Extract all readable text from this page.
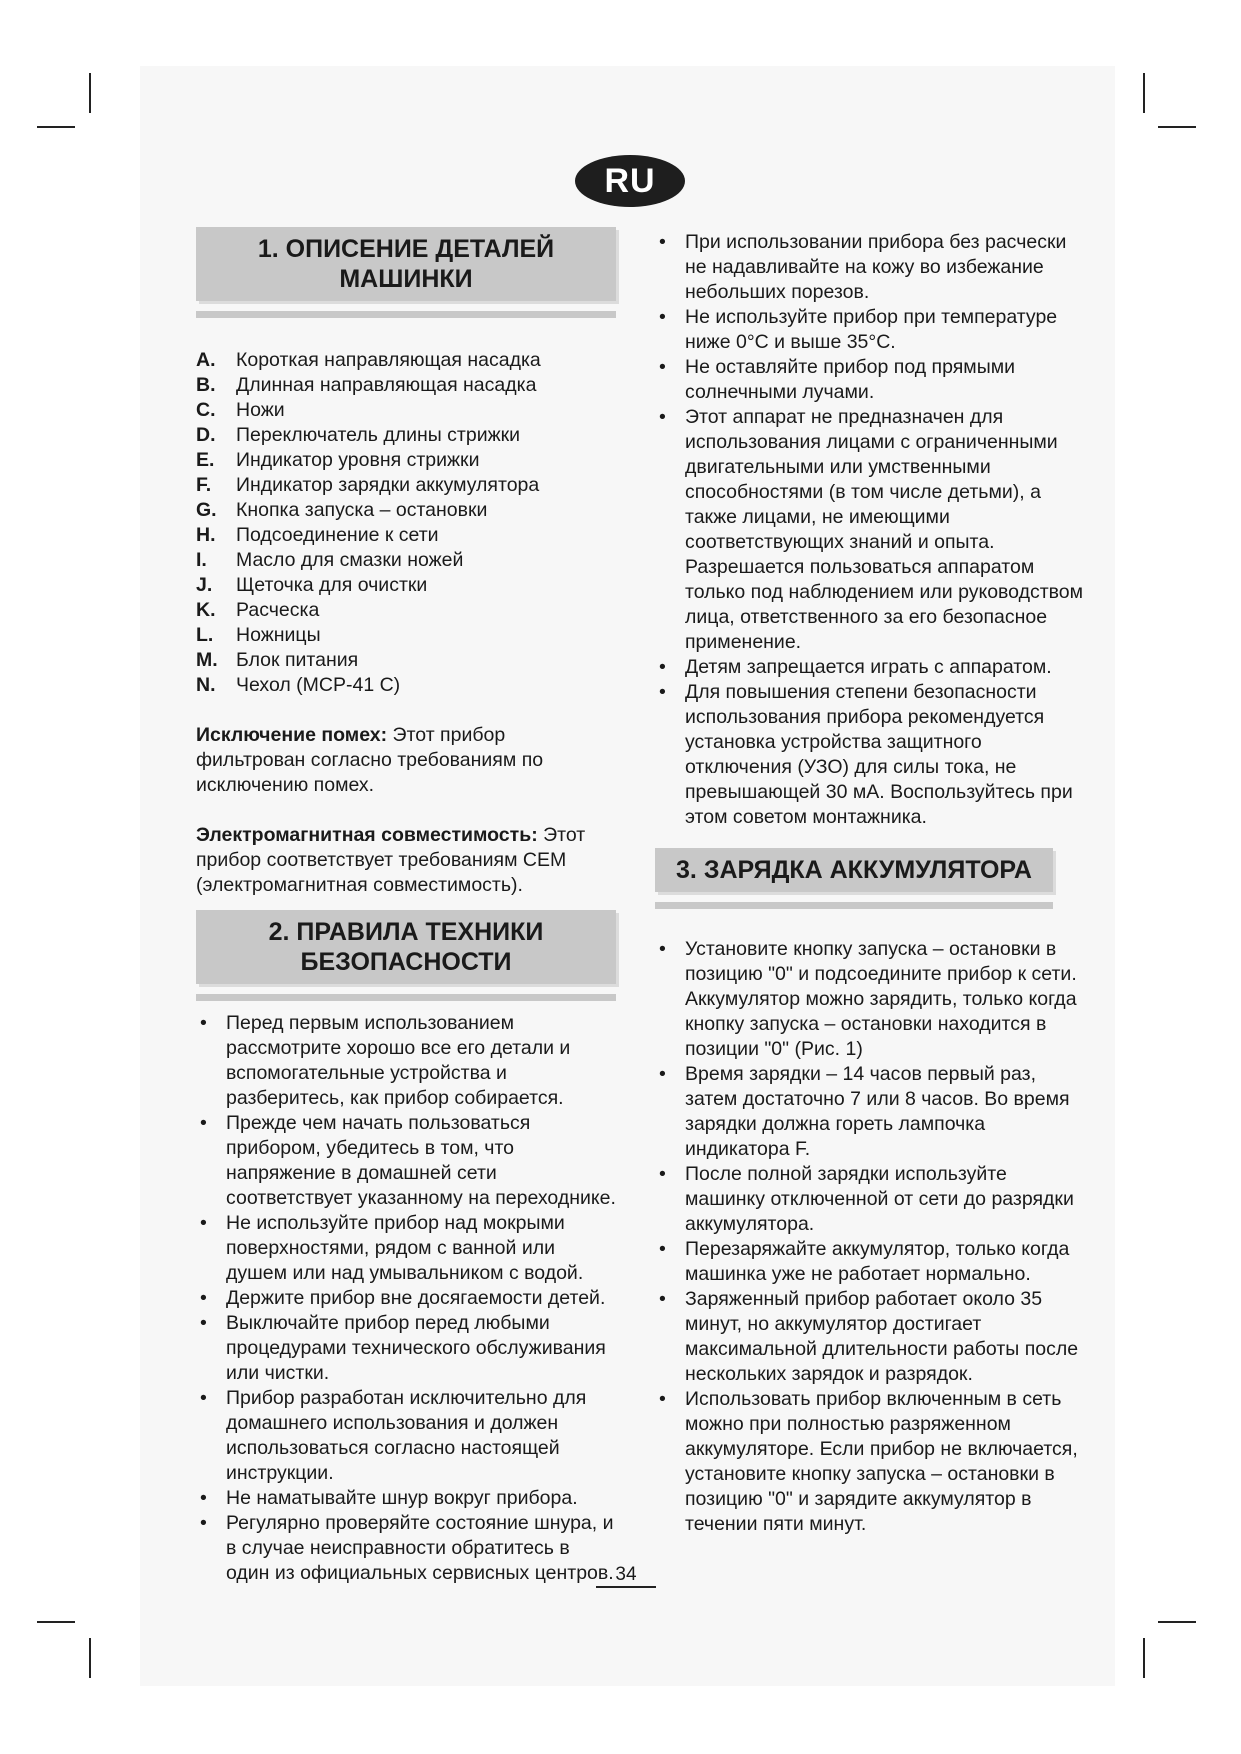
RU
1. ОПИСЕНИЕ ДЕТАЛЕЙ МАШИНКИ
A.	Короткая направляющая насадка
B.	Длинная направляющая насадка
C.	Ножи
D.	Переключатель длины стрижки
E.	Индикатор уровня стрижки
F.	Индикатор зарядки аккумулятора
G. Кнопка запуска – остановки
H.	Подсоединение к сети
I.	Масло для смазки ножей
J.	Щеточка для очистки
K.	Расческа
L.	Ножницы
M. Блок питания
N.	Чехол (MCP-41 C)

Исключение помех: Этот прибор фильтрован согласно требованиям по исключению помех.

Электромагнитная совместимость: Этот прибор соответствует требованиям CEM (электромагнитная совместимость).

2. ПРАВИЛА ТЕХНИКИ
БЕЗОПАСНОСТИ
• Перед первым использованием рассмотрите хорошо все его детали и вспомогательные устройства и разберитесь, как прибор собирается.
• Прежде чем начать пользоваться прибором, убедитесь в том, что напряжение в домашней сети соответствует указанному на переходнике.
• Не используйте прибор над мокрыми поверхностями, рядом с ванной или душем или над умывальником с водой.
• Держите прибор вне досягаемости детей.
• Выключайте прибор перед любыми процедурами технического обслуживания или чистки.
• Прибор разработан исключительно для домашнего использования и должен использоваться согласно настоящей инструкции.
• Не наматывайте шнур вокруг прибора.
• Регулярно проверяйте состояние шнура, и в случае неисправности обратитесь в один из официальных сервисных центров.
• При использовании прибора без расчески не надавливайте на кожу во избежание небольших порезов.
• Не используйте прибор при температуре ниже 0°C и выше 35°C.
• Не оставляйте прибор под прямыми солнечными лучами.
• Этот аппарат не предназначен для использования лицами с ограниченными двигательными или умственными способностями (в том числе детьми), а также лицами, не имеющими соответствующих знаний и опыта. Разрешается пользоваться аппаратом только под наблюдением или руководством лица, ответственного за его безопасное применение.
• Детям запрещается играть с аппаратом.
• Для повышения степени безопасности использования прибора рекомендуется установка устройства защитного отключения (УЗО) для силы тока, не превышающей 30 мА. Воспользуйтесь при этом советом монтажника.
3. ЗАРЯДКА АККУМУЛЯТОРА
• Установите кнопку запуска – остановки в позицию "0" и подсоедините прибор к сети. Аккумулятор можно зарядить, только когда кнопку запуска – остановки находится в позиции "0" (Рис. 1)
• Время зарядки – 14 часов первый раз, затем достаточно 7 или 8 часов. Во время зарядки должна гореть лампочка индикатора F.
• После полной зарядки используйте машинку отключенной от сети до разрядки аккумулятора.
• Перезаряжайте аккумулятор, только когда машинка уже не работает нормально.
• Заряженный прибор работает около 35 минут, но аккумулятор достигает максимальной длительности работы после нескольких зарядок и разрядок.
• Использовать прибор включенным в сеть можно при полностью разряженном аккумуляторе. Если прибор не включается, установите кнопку запуска – остановки в позицию "0" и зарядите аккумулятор в течении пяти минут.
34
